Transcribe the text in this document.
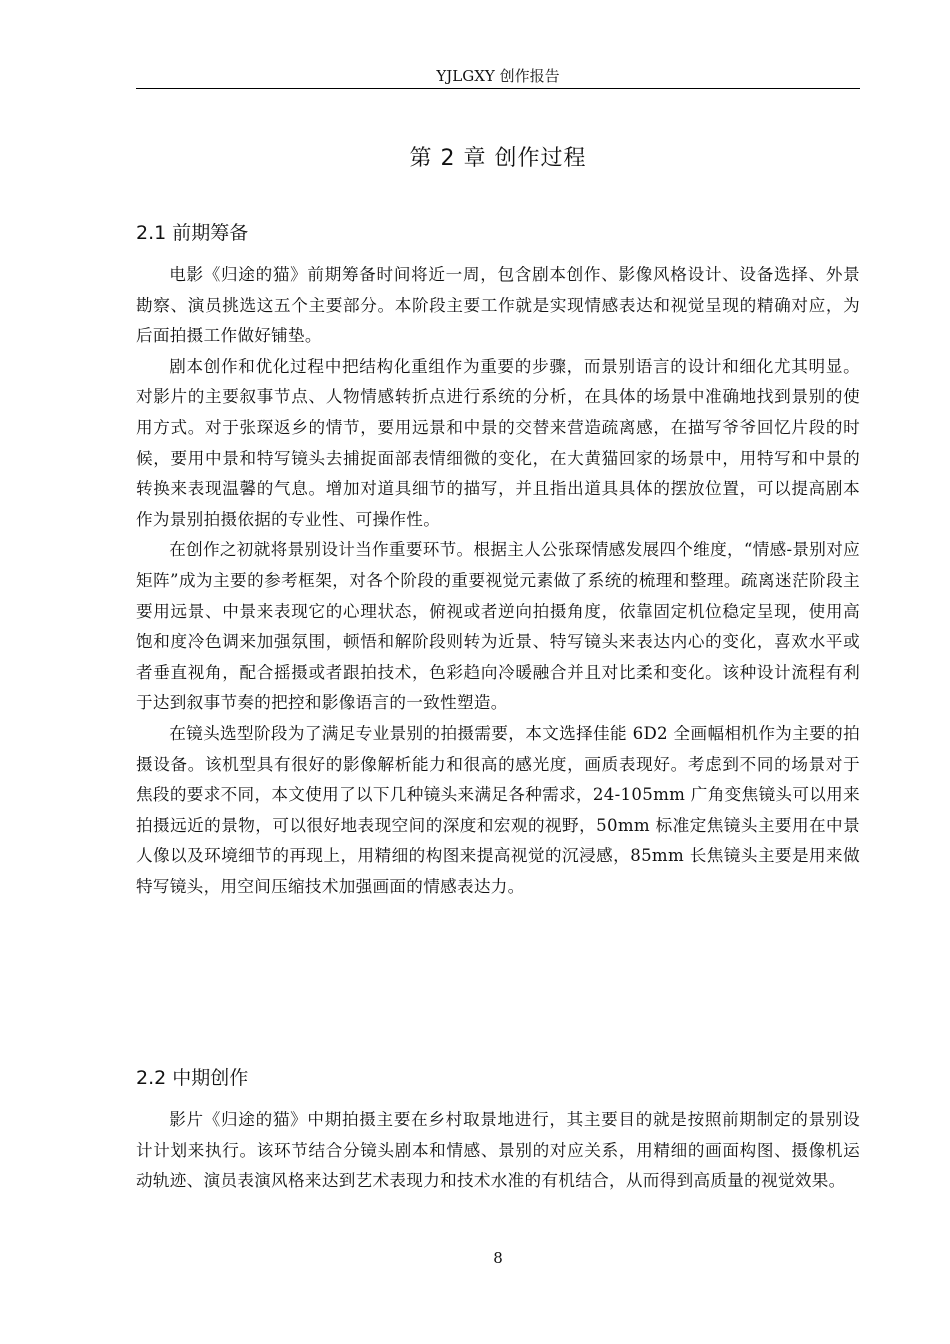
YJLGXY 创作报告
第 2 章 创作过程
2.1 前期筹备

电影《归途的猫》前期筹备时间将近一周，包含剧本创作、影像风格设计、设备选择、外景勘察、演员挑选这五个主要部分。本阶段主要工作就是实现情感表达和视觉呈现的精确对应，为后面拍摄工作做好铺垫。

剧本创作和优化过程中把结构化重组作为重要的步骤，而景别语言的设计和细化尤其明显。对影片的主要叙事节点、人物情感转折点进行系统的分析，在具体的场景中准确地找到景别的使用方式。对于张琛返乡的情节，要用远景和中景的交替来营造疏离感，在描写爷爷回忆片段的时候，要用中景和特写镜头去捕捉面部表情细微的变化，在大黄猫回家的场景中，用特写和中景的转换来表现温馨的气息。增加对道具细节的描写，并且指出道具具体的摆放位置，可以提高剧本作为景别拍摄依据的专业性、可操作性。

在创作之初就将景别设计当作重要环节。根据主人公张琛情感发展四个维度，“情感-景别对应矩阵”成为主要的参考框架，对各个阶段的重要视觉元素做了系统的梳理和整理。疏离迷茫阶段主要用远景、中景来表现它的心理状态，俯视或者逆向拍摄角度，依靠固定机位稳定呈现，使用高饱和度冷色调来加强氛围，顿悟和解阶段则转为近景、特写镜头来表达内心的变化，喜欢水平或者垂直视角，配合摇摄或者跟拍技术，色彩趋向冷暖融合并且对比柔和变化。该种设计流程有利于达到叙事节奏的把控和影像语言的一致性塑造。

在镜头选型阶段为了满足专业景别的拍摄需要，本文选择佳能 6D2 全画幅相机作为主要的拍摄设备。该机型具有很好的影像解析能力和很高的感光度，画质表现好。考虑到不同的场景对于焦段的要求不同，本文使用了以下几种镜头来满足各种需求，24-105mm 广角变焦镜头可以用来拍摄远近的景物，可以很好地表现空间的深度和宏观的视野，50mm 标准定焦镜头主要用在中景人像以及环境细节的再现上，用精细的构图来提高视觉的沉浸感，85mm 长焦镜头主要是用来做特写镜头，用空间压缩技术加强画面的情感表达力。

2.2 中期创作

影片《归途的猫》中期拍摄主要在乡村取景地进行，其主要目的就是按照前期制定的景别设计计划来执行。该环节结合分镜头剧本和情感、景别的对应关系，用精细的画面构图、摄像机运动轨迹、演员表演风格来达到艺术表现力和技术水准的有机结合，从而得到高质量的视觉效果。

8
